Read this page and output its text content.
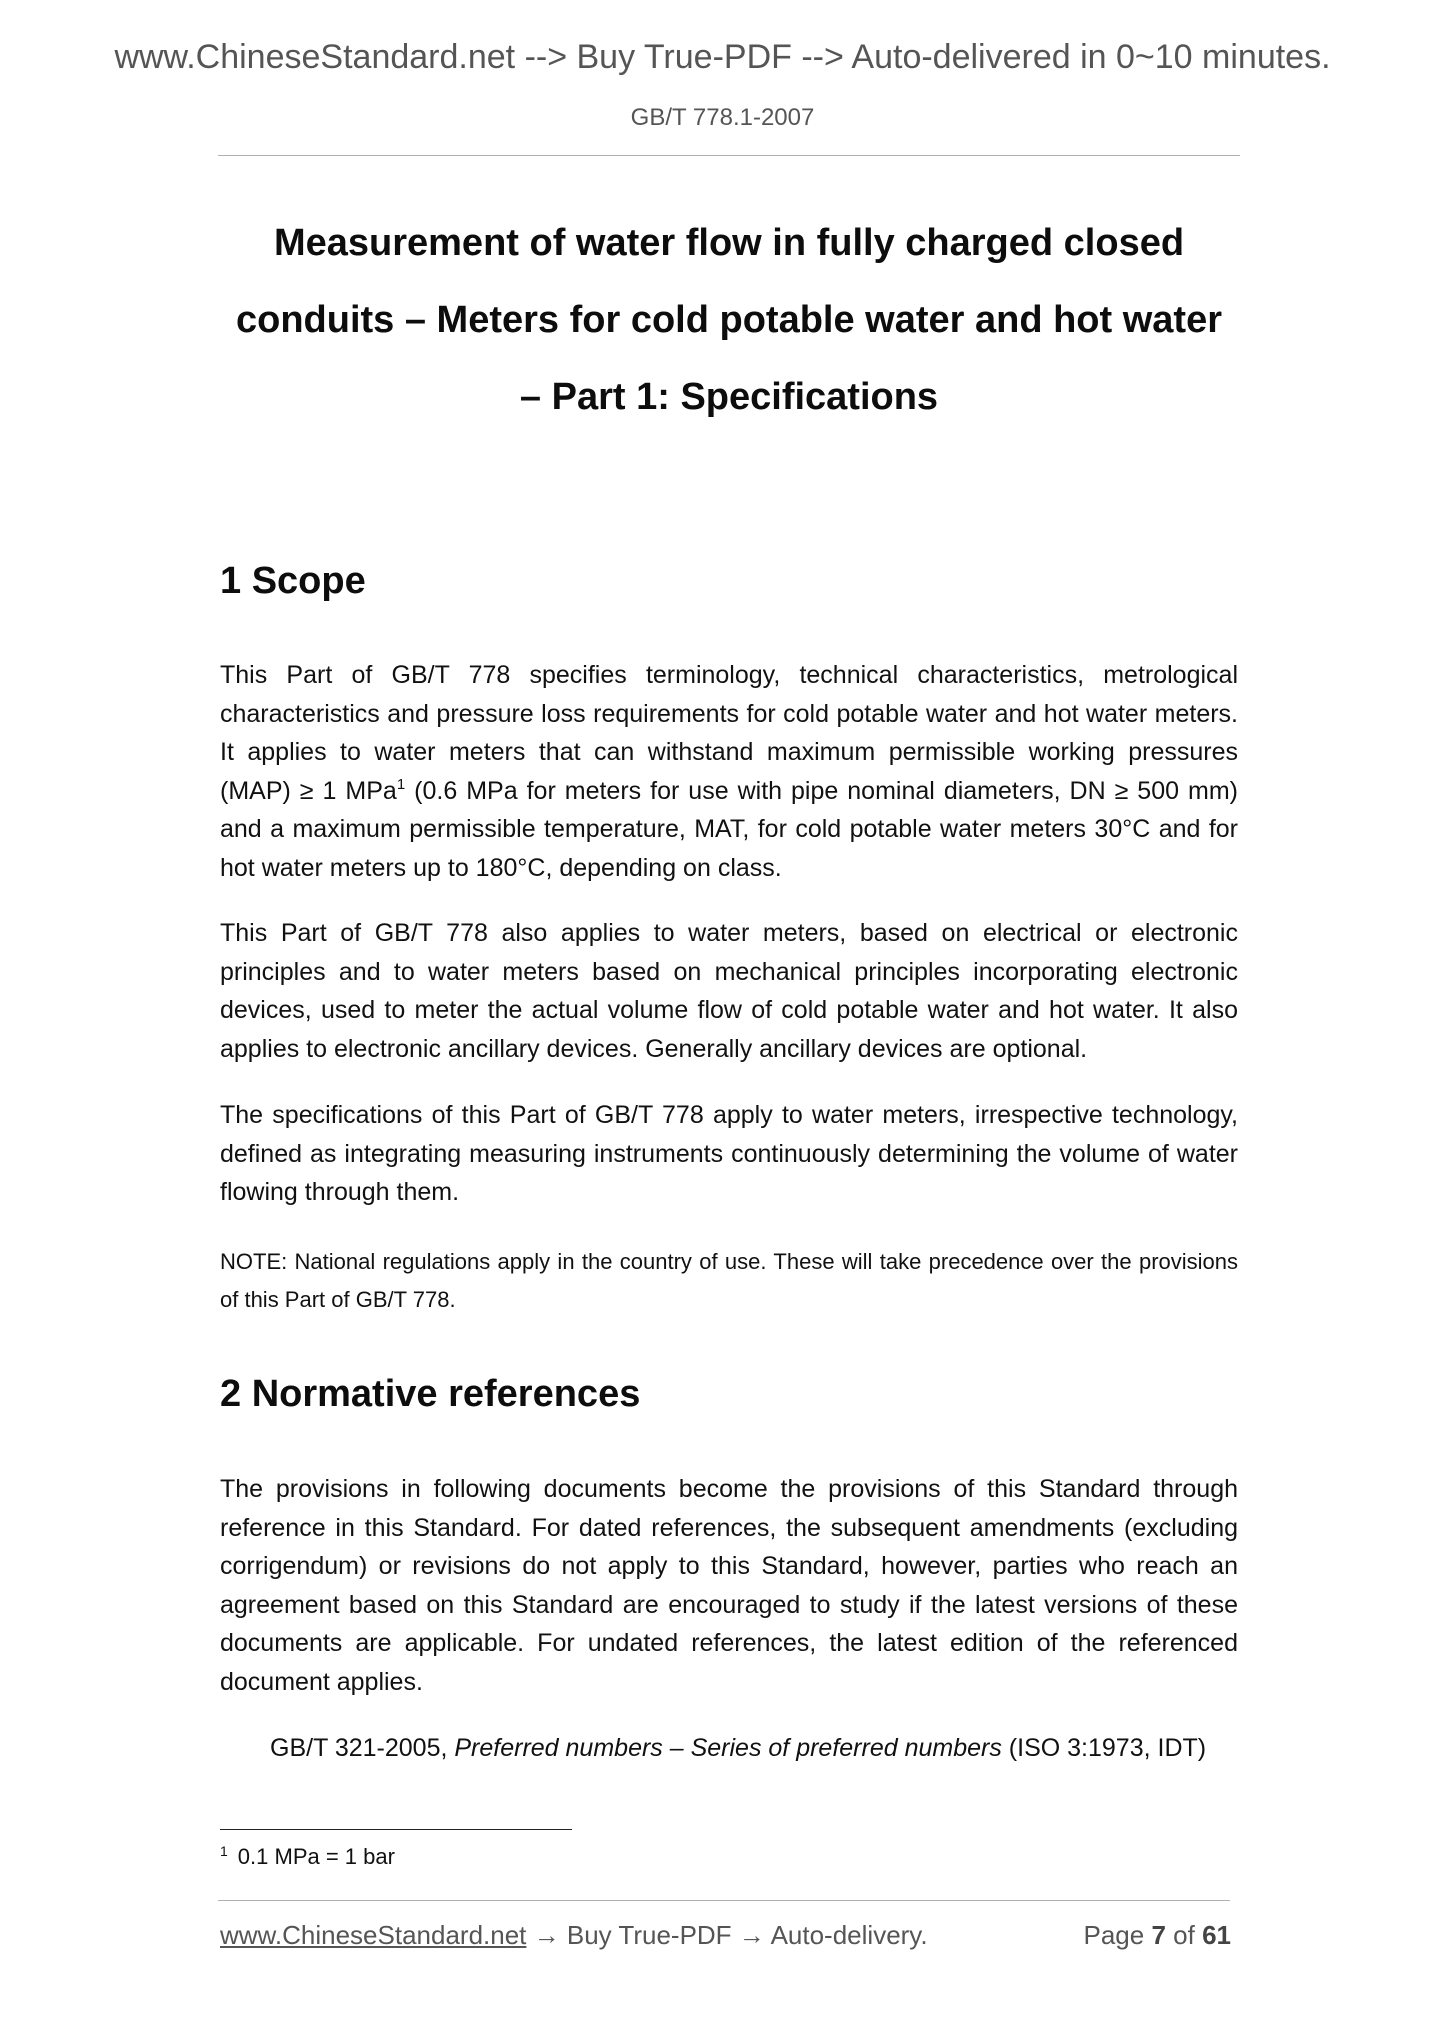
www.ChineseStandard.net --> Buy True-PDF --> Auto-delivered in 0~10 minutes.
GB/T 778.1-2007
Measurement of water flow in fully charged closed
conduits – Meters for cold potable water and hot water
– Part 1: Specifications
1 Scope

This Part of GB/T 778 specifies terminology, technical characteristics, metrological characteristics and pressure loss requirements for cold potable water and hot water meters. It applies to water meters that can withstand maximum permissible working pressures (MAP) ≥ 1 MPa$^1$ (0.6 MPa for meters for use with pipe nominal diameters, DN ≥ 500 mm) and a maximum permissible temperature, MAT, for cold potable water meters 30°C and for hot water meters up to 180°C, depending on class.

This Part of GB/T 778 also applies to water meters, based on electrical or electronic principles and to water meters based on mechanical principles incorporating electronic devices, used to meter the actual volume flow of cold potable water and hot water. It also applies to electronic ancillary devices. Generally ancillary devices are optional.

The specifications of this Part of GB/T 778 apply to water meters, irrespective technology, defined as integrating measuring instruments continuously determining the volume of water flowing through them.

NOTE: National regulations apply in the country of use. These will take precedence over the provisions of this Part of GB/T 778.

2 Normative references

The provisions in following documents become the provisions of this Standard through reference in this Standard. For dated references, the subsequent amendments (excluding corrigendum) or revisions do not apply to this Standard, however, parties who reach an agreement based on this Standard are encouraged to study if the latest versions of these documents are applicable. For undated references, the latest edition of the referenced document applies.

GB/T 321-2005, Preferred numbers – Series of preferred numbers (ISO 3:1973, IDT)

$^1$ 0.1 MPa = 1 bar
www.ChineseStandard.net → Buy True-PDF → Auto-delivery.	Page 7 of 61
